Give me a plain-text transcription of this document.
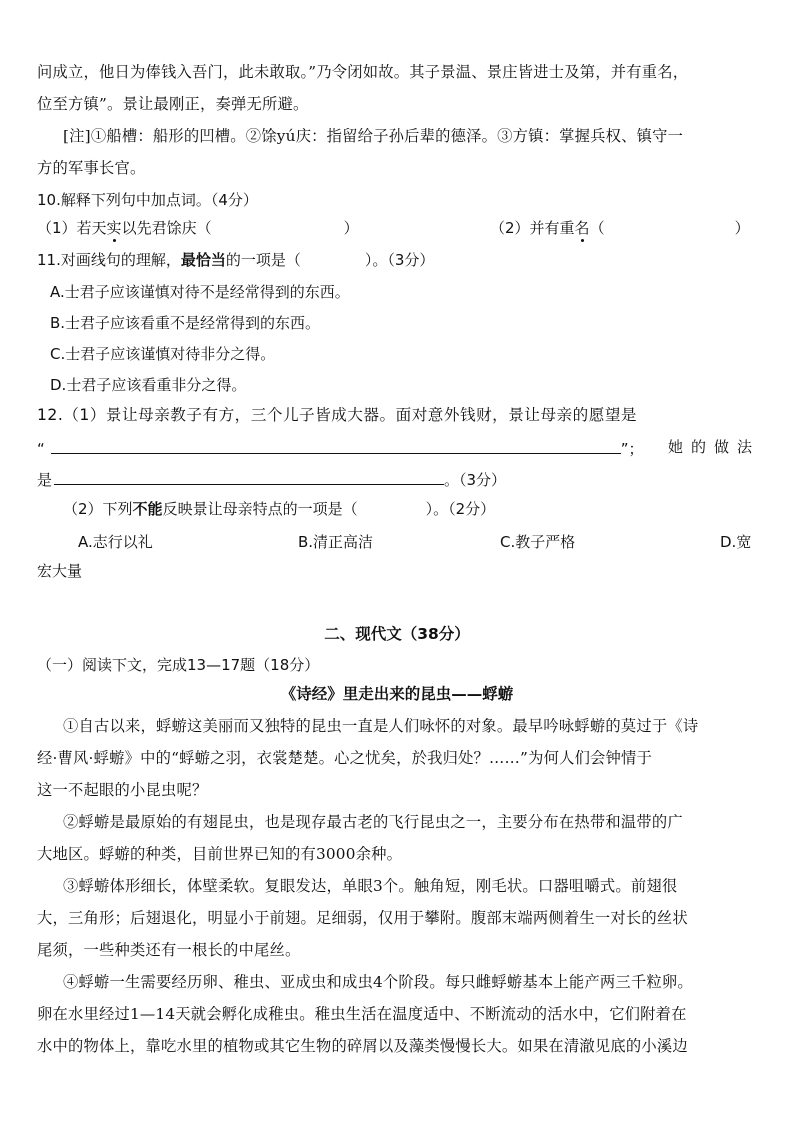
问成立，他日为俸钱入吾门，此未敢取。”乃令闭如故。其子景温、景庄皆进士及第，并有重名，
位至方镇”。景让最刚正，奏弹无所避。
[注]①船槽：船形的凹槽。②馀yú庆：指留给子孙后辈的德泽。③方镇：掌握兵权、镇守一
方的军事长官。
10.解释下列句中加点词。（4分）
（1）若天实以先君馀庆（	）	（2）并有重名（	）
11.对画线句的理解，最恰当的一项是（	）。（3分）
A.士君子应该谨慎对待不是经常得到的东西。
B.士君子应该看重不是经常得到的东西。
C.士君子应该谨慎对待非分之得。
D.士君子应该看重非分之得。
12.（1）景让母亲教子有方，三个儿子皆成大器。面对意外钱财，景让母亲的愿望是
“	”； 她的做法
是	。（3分）
（2）下列不能反映景让母亲特点的一项是（	）。（2分）
A.志行以礼	B.清正高洁	C.教子严格	D.宽
宏大量
二、现代文（38分）
（一）阅读下文，完成13—17题（18分）
《诗经》里走出来的昆虫——蜉蝣
①自古以来，蜉蝣这美丽而又独特的昆虫一直是人们咏怀的对象。最早吟咏蜉蝣的莫过于《诗
经·曹风·蜉蝣》中的“蜉蝣之羽，衣裳楚楚。心之忧矣，於我归处？……”为何人们会钟情于
这一不起眼的小昆虫呢？
②蜉蝣是最原始的有翅昆虫，也是现存最古老的飞行昆虫之一，主要分布在热带和温带的广
大地区。蜉蝣的种类，目前世界已知的有3000余种。
③蜉蝣体形细长，体壁柔软。复眼发达，单眼3个。触角短，刚毛状。口器咀嚼式。前翅很
大，三角形；后翅退化，明显小于前翅。足细弱，仅用于攀附。腹部末端两侧着生一对长的丝状
尾须，一些种类还有一根长的中尾丝。
④蜉蝣一生需要经历卵、稚虫、亚成虫和成虫4个阶段。每只雌蜉蝣基本上能产两三千粒卵。
卵在水里经过1—14天就会孵化成稚虫。稚虫生活在温度适中、不断流动的活水中，它们附着在
水中的物体上，靠吃水里的植物或其它生物的碎屑以及藻类慢慢长大。如果在清澈见底的小溪边
